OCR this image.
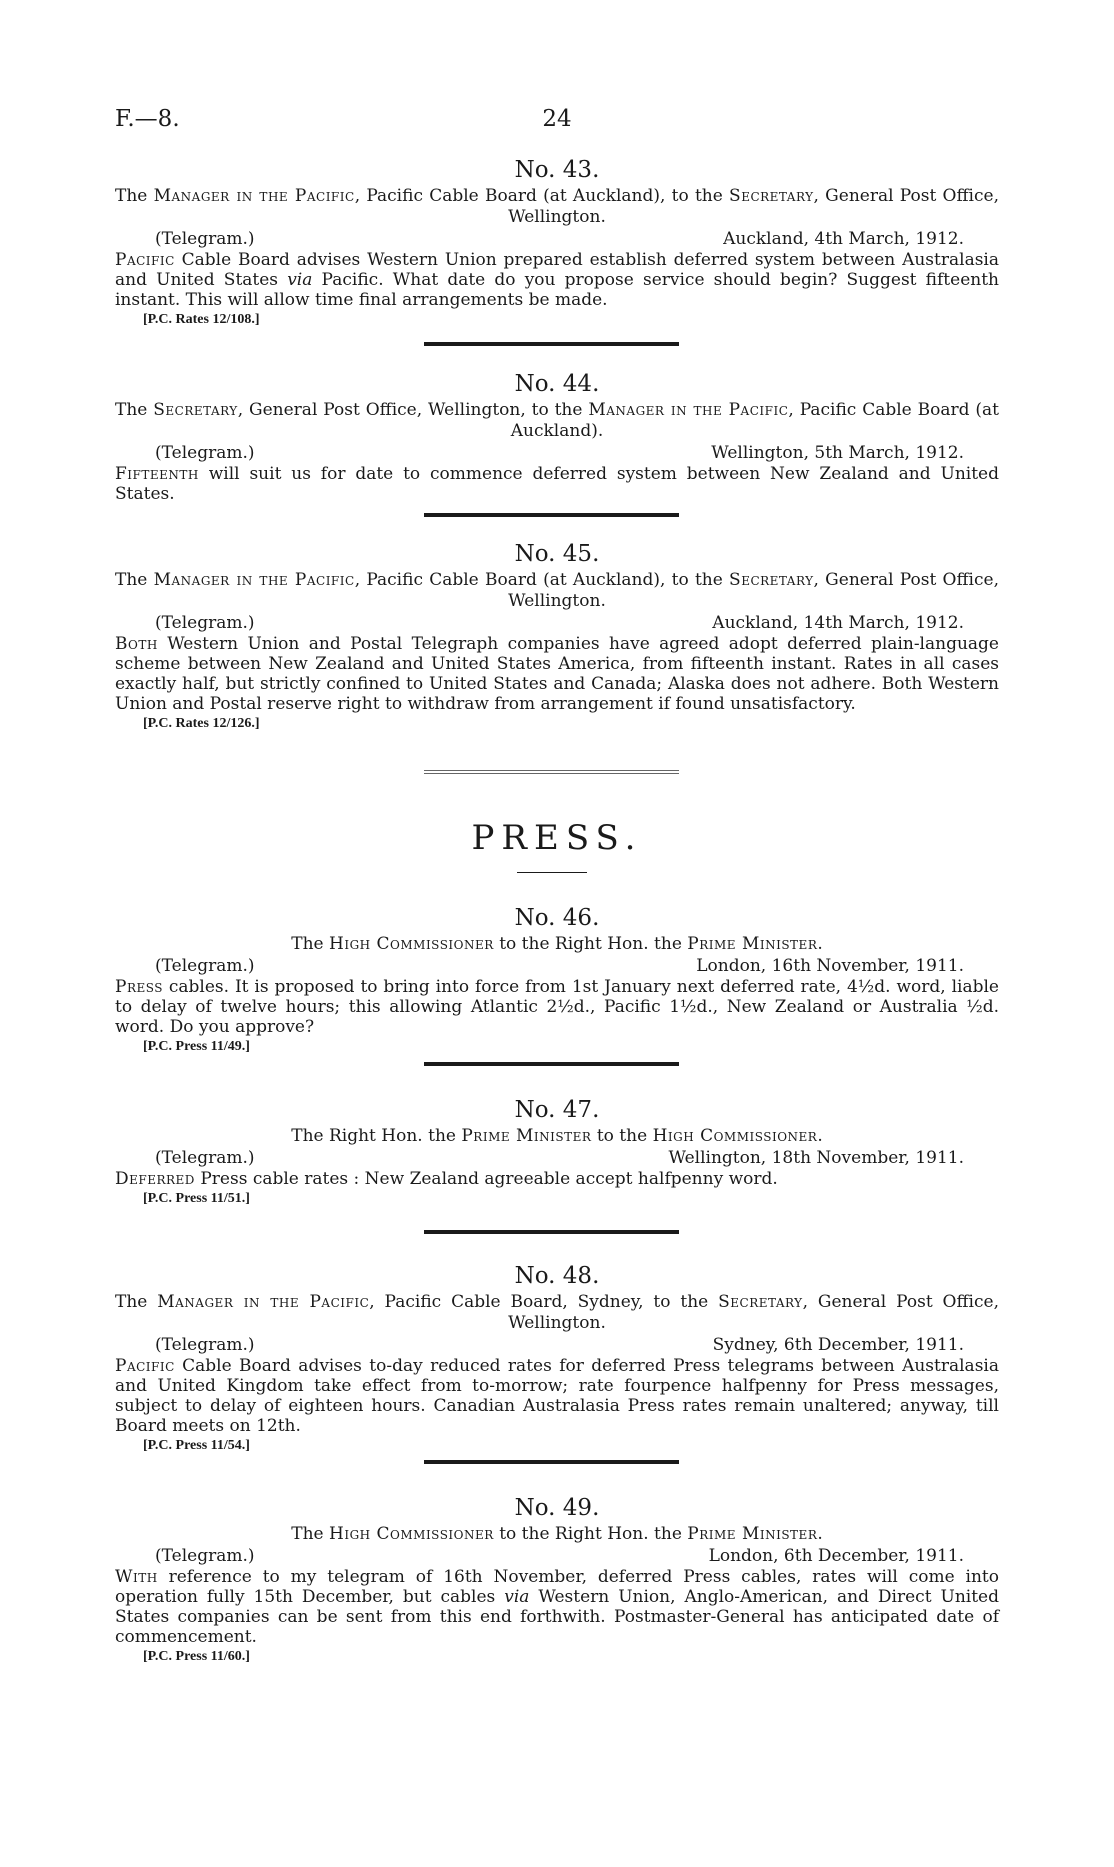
F.—8.	24
No. 43.
The Manager in the Pacific, Pacific Cable Board (at Auckland), to the Secretary, General Post Office, Wellington.
(Telegram.)	Auckland, 4th March, 1912.
Pacific Cable Board advises Western Union prepared establish deferred system between Australasia and United States via Pacific. What date do you propose service should begin? Suggest fifteenth instant. This will allow time final arrangements be made.
[P.C. Rates 12/108.]
No. 44.
The Secretary, General Post Office, Wellington, to the Manager in the Pacific, Pacific Cable Board (at Auckland).
(Telegram.)	Wellington, 5th March, 1912.
Fifteenth will suit us for date to commence deferred system between New Zealand and United States.
No. 45.
The Manager in the Pacific, Pacific Cable Board (at Auckland), to the Secretary, General Post Office, Wellington.
(Telegram.)	Auckland, 14th March, 1912.
Both Western Union and Postal Telegraph companies have agreed adopt deferred plain-language scheme between New Zealand and United States America, from fifteenth instant. Rates in all cases exactly half, but strictly confined to United States and Canada; Alaska does not adhere. Both Western Union and Postal reserve right to withdraw from arrangement if found unsatisfactory.
[P.C. Rates 12/126.]
PRESS.
No. 46.
The High Commissioner to the Right Hon. the Prime Minister.
(Telegram.)	London, 16th November, 1911.
Press cables. It is proposed to bring into force from 1st January next deferred rate, 4½d. word, liable to delay of twelve hours; this allowing Atlantic 2½d., Pacific 1½d., New Zealand or Australia ½d. word. Do you approve?
[P.C. Press 11/49.]
No. 47.
The Right Hon. the Prime Minister to the High Commissioner.
(Telegram.)	Wellington, 18th November, 1911.
Deferred Press cable rates : New Zealand agreeable accept halfpenny word.
[P.C. Press 11/51.]
No. 48.
The Manager in the Pacific, Pacific Cable Board, Sydney, to the Secretary, General Post Office, Wellington.
(Telegram.)	Sydney, 6th December, 1911.
Pacific Cable Board advises to-day reduced rates for deferred Press telegrams between Australasia and United Kingdom take effect from to-morrow; rate fourpence halfpenny for Press messages, subject to delay of eighteen hours. Canadian Australasia Press rates remain unaltered; anyway, till Board meets on 12th.
[P.C. Press 11/54.]
No. 49.
The High Commissioner to the Right Hon. the Prime Minister.
(Telegram.)	London, 6th December, 1911.
With reference to my telegram of 16th November, deferred Press cables, rates will come into operation fully 15th December, but cables via Western Union, Anglo-American, and Direct United States companies can be sent from this end forthwith. Postmaster-General has anticipated date of commencement.
[P.C. Press 11/60.]
